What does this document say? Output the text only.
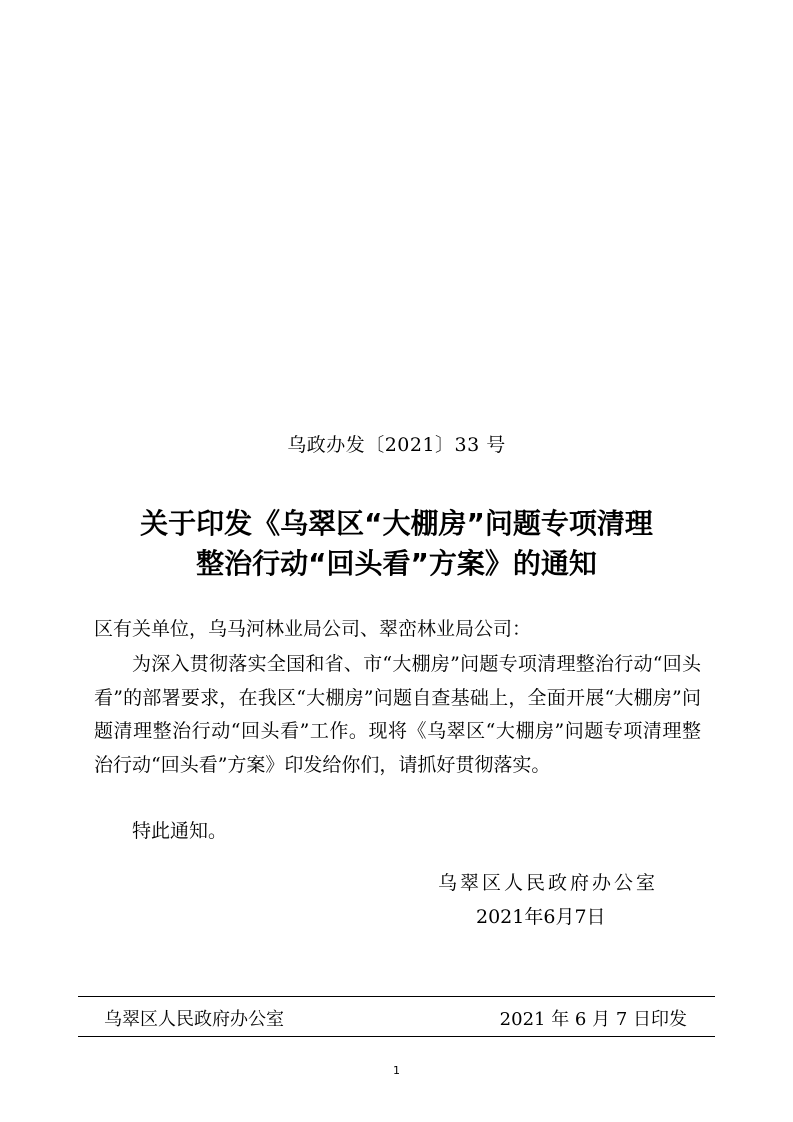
乌政办发〔2021〕33 号
关于印发《乌翠区“大棚房”问题专项清理
整治行动“回头看”方案》的通知
区有关单位，乌马河林业局公司、翠峦林业局公司：

为深入贯彻落实全国和省、市“大棚房”问题专项清理整治行动“回头看”的部署要求，在我区“大棚房”问题自查基础上，全面开展“大棚房”问题清理整治行动“回头看”工作。现将《乌翠区“大棚房”问题专项清理整治行动“回头看”方案》印发给你们，请抓好贯彻落实。

特此通知。
乌翠区人民政府办公室
2021年6月7日
乌翠区人民政府办公室	2021 年 6 月 7 日印发
1
